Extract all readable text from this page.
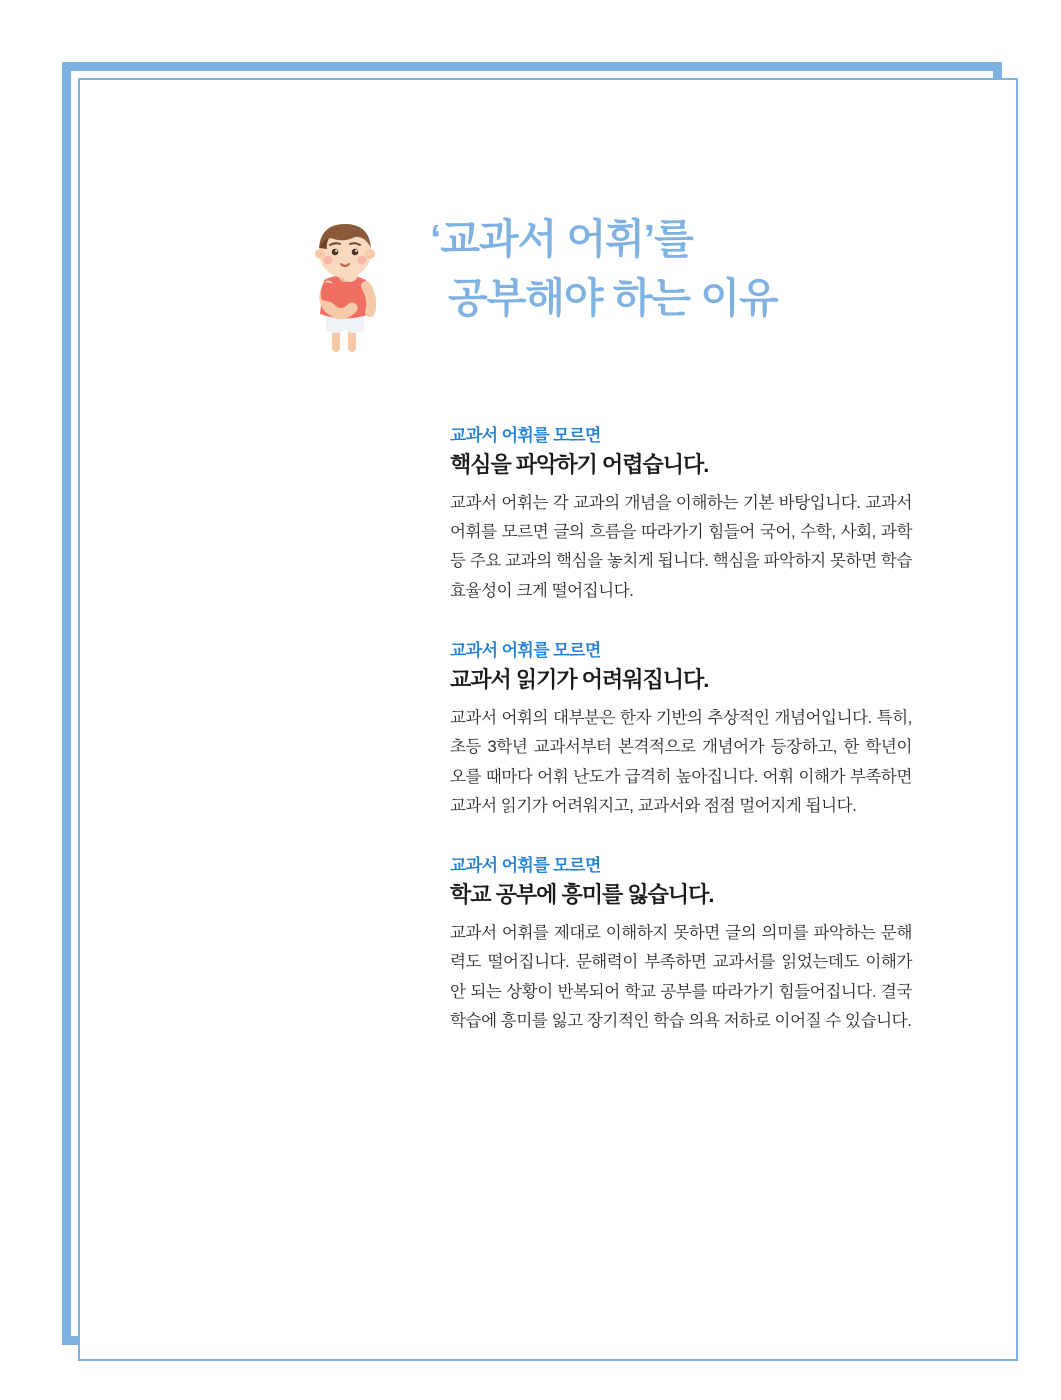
‘교과서 어휘’를
공부해야 하는 이유

교과서 어휘를 모르면

핵심을 파악하기 어렵습니다.

교과서 어휘는 각 교과의 개념을 이해하는 기본 바탕입니다. 교과서 어휘를 모르면 글의 흐름을 따라가기 힘들어 국어, 수학, 사회, 과학 등 주요 교과의 핵심을 놓치게 됩니다. 핵심을 파악하지 못하면 학습 효율성이 크게 떨어집니다.

교과서 어휘를 모르면

교과서 읽기가 어려워집니다.

교과서 어휘의 대부분은 한자 기반의 추상적인 개념어입니다. 특히, 초등 3학년 교과서부터 본격적으로 개념어가 등장하고, 한 학년이 오를 때마다 어휘 난도가 급격히 높아집니다. 어휘 이해가 부족하면 교과서 읽기가 어려워지고, 교과서와 점점 멀어지게 됩니다.

교과서 어휘를 모르면

학교 공부에 흥미를 잃습니다.

교과서 어휘를 제대로 이해하지 못하면 글의 의미를 파악하는 문해력도 떨어집니다. 문해력이 부족하면 교과서를 읽었는데도 이해가 안 되는 상황이 반복되어 학교 공부를 따라가기 힘들어집니다. 결국 학습에 흥미를 잃고 장기적인 학습 의욕 저하로 이어질 수 있습니다.
